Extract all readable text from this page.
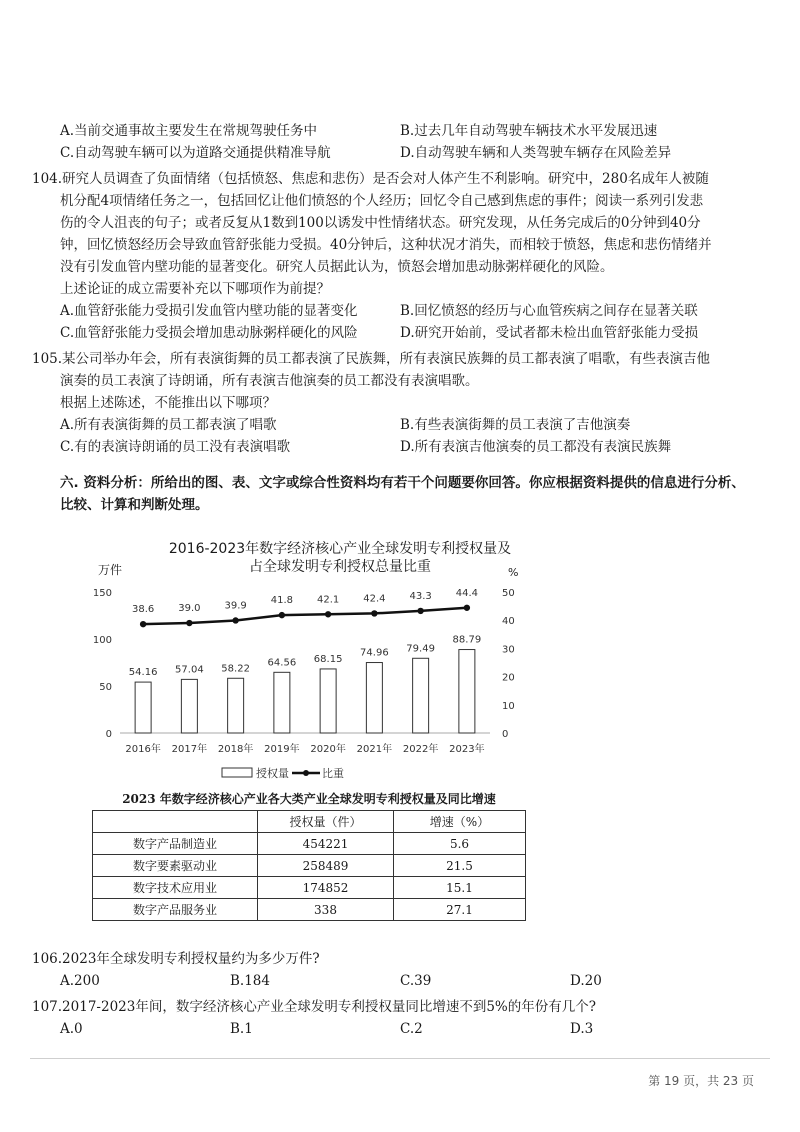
A.当前交通事故主要发生在常规驾驶任务中	B.过去几年自动驾驶车辆技术水平发展迅速
C.自动驾驶车辆可以为道路交通提供精准导航	D.自动驾驶车辆和人类驾驶车辆存在风险差异
104.研究人员调查了负面情绪（包括愤怒、焦虑和悲伤）是否会对人体产生不利影响。研究中，280名成年人被随
机分配4项情绪任务之一，包括回忆让他们愤怒的个人经历；回忆令自己感到焦虑的事件；阅读一系列引发悲
伤的令人沮丧的句子；或者反复从1数到100以诱发中性情绪状态。研究发现，从任务完成后的0分钟到40分
钟，回忆愤怒经历会导致血管舒张能力受损。40分钟后，这种状况才消失，而相较于愤怒，焦虑和悲伤情绪并
没有引发血管内壁功能的显著变化。研究人员据此认为，愤怒会增加患动脉粥样硬化的风险。
上述论证的成立需要补充以下哪项作为前提？
A.血管舒张能力受损引发血管内壁功能的显著变化	B.回忆愤怒的经历与心血管疾病之间存在显著关联
C.血管舒张能力受损会增加患动脉粥样硬化的风险	D.研究开始前，受试者都未检出血管舒张能力受损
105.某公司举办年会，所有表演街舞的员工都表演了民族舞，所有表演民族舞的员工都表演了唱歌，有些表演吉他
演奏的员工表演了诗朗诵，所有表演吉他演奏的员工都没有表演唱歌。
根据上述陈述，不能推出以下哪项？
A.所有表演街舞的员工都表演了唱歌	B.有些表演街舞的员工表演了吉他演奏
C.有的表演诗朗诵的员工没有表演唱歌	D.所有表演吉他演奏的员工都没有表演民族舞
六. 资料分析：所给出的图、表、文字或综合性资料均有若干个问题要你回答。你应根据资料提供的信息进行分析、比较、计算和判断处理。
2016-2023年数字经济核心产业全球发明专利授权量及
占全球发明专利授权总量比重
万件	%
0
50
100
150
0
10
20
30
40
50
54.16 57.04 58.22
64.56 68.15
74.96 79.49
88.79
38.6 39.0 39.9 41.8 42.1 42.4 43.3 44.4
2016年 2017年 2018年 2019年 2020年 2021年 2022年 2023年
授权量	比重
2023 年数字经济核心产业各大类产业全球发明专利授权量及同比增速
	授权量（件）	增速（%）
数字产品制造业	454221	5.6
数字要素驱动业	258489	21.5
数字技术应用业	174852	15.1
数字产品服务业	338	27.1
106.2023年全球发明专利授权量约为多少万件?
A.200	B.184	C.39	D.20
107.2017-2023年间，数字经济核心产业全球发明专利授权量同比增速不到5%的年份有几个?
A.0	B.1	C.2	D.3
第 19 页，共 23 页
